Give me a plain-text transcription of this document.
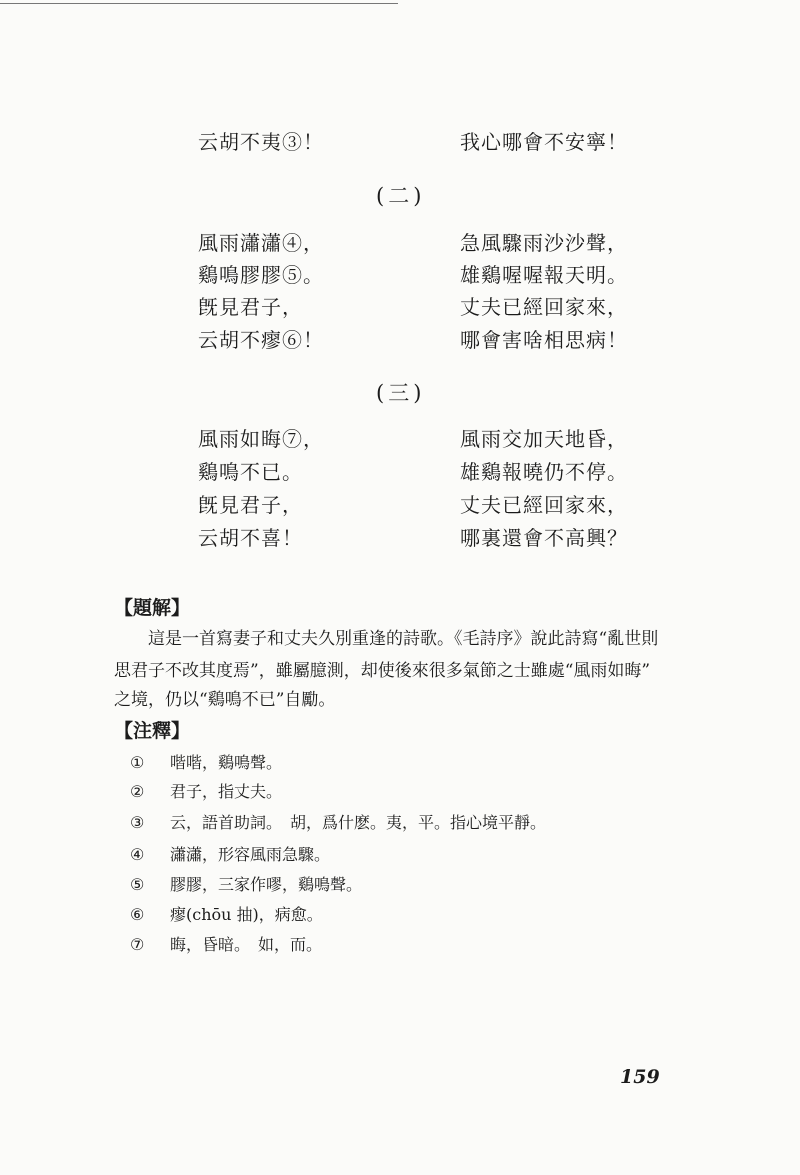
云胡不夷③！	我心哪會不安寧！
(二)
風雨瀟瀟④，
鷄鳴膠膠⑤。
旣見君子，
云胡不瘳⑥！
急風驟雨沙沙聲，
雄鷄喔喔報天明。
丈夫已經回家來，
哪會害啥相思病！
(三)
風雨如晦⑦，
鷄鳴不已。
旣見君子，
云胡不喜！
風雨交加天地昏，
雄鷄報曉仍不停。
丈夫已經回家來，
哪裏還會不高興？
【題解】
　　這是一首寫妻子和丈夫久別重逢的詩歌。《毛詩序》說此詩寫“亂世則
思君子不改其度焉”，雖屬臆測，却使後來很多氣節之士雖處“風雨如晦”
之境，仍以“鷄鳴不已”自勵。
【注釋】
① 喈喈，鷄鳴聲。
② 君子，指丈夫。
③ 云，語首助詞。　胡，爲什麽。夷，平。指心境平靜。
④ 瀟瀟，形容風雨急驟。
⑤ 膠膠，三家作嘐，鷄鳴聲。
⑥ 瘳(chōu 抽)，病愈。
⑦ 晦，昏暗。　如，而。
159
